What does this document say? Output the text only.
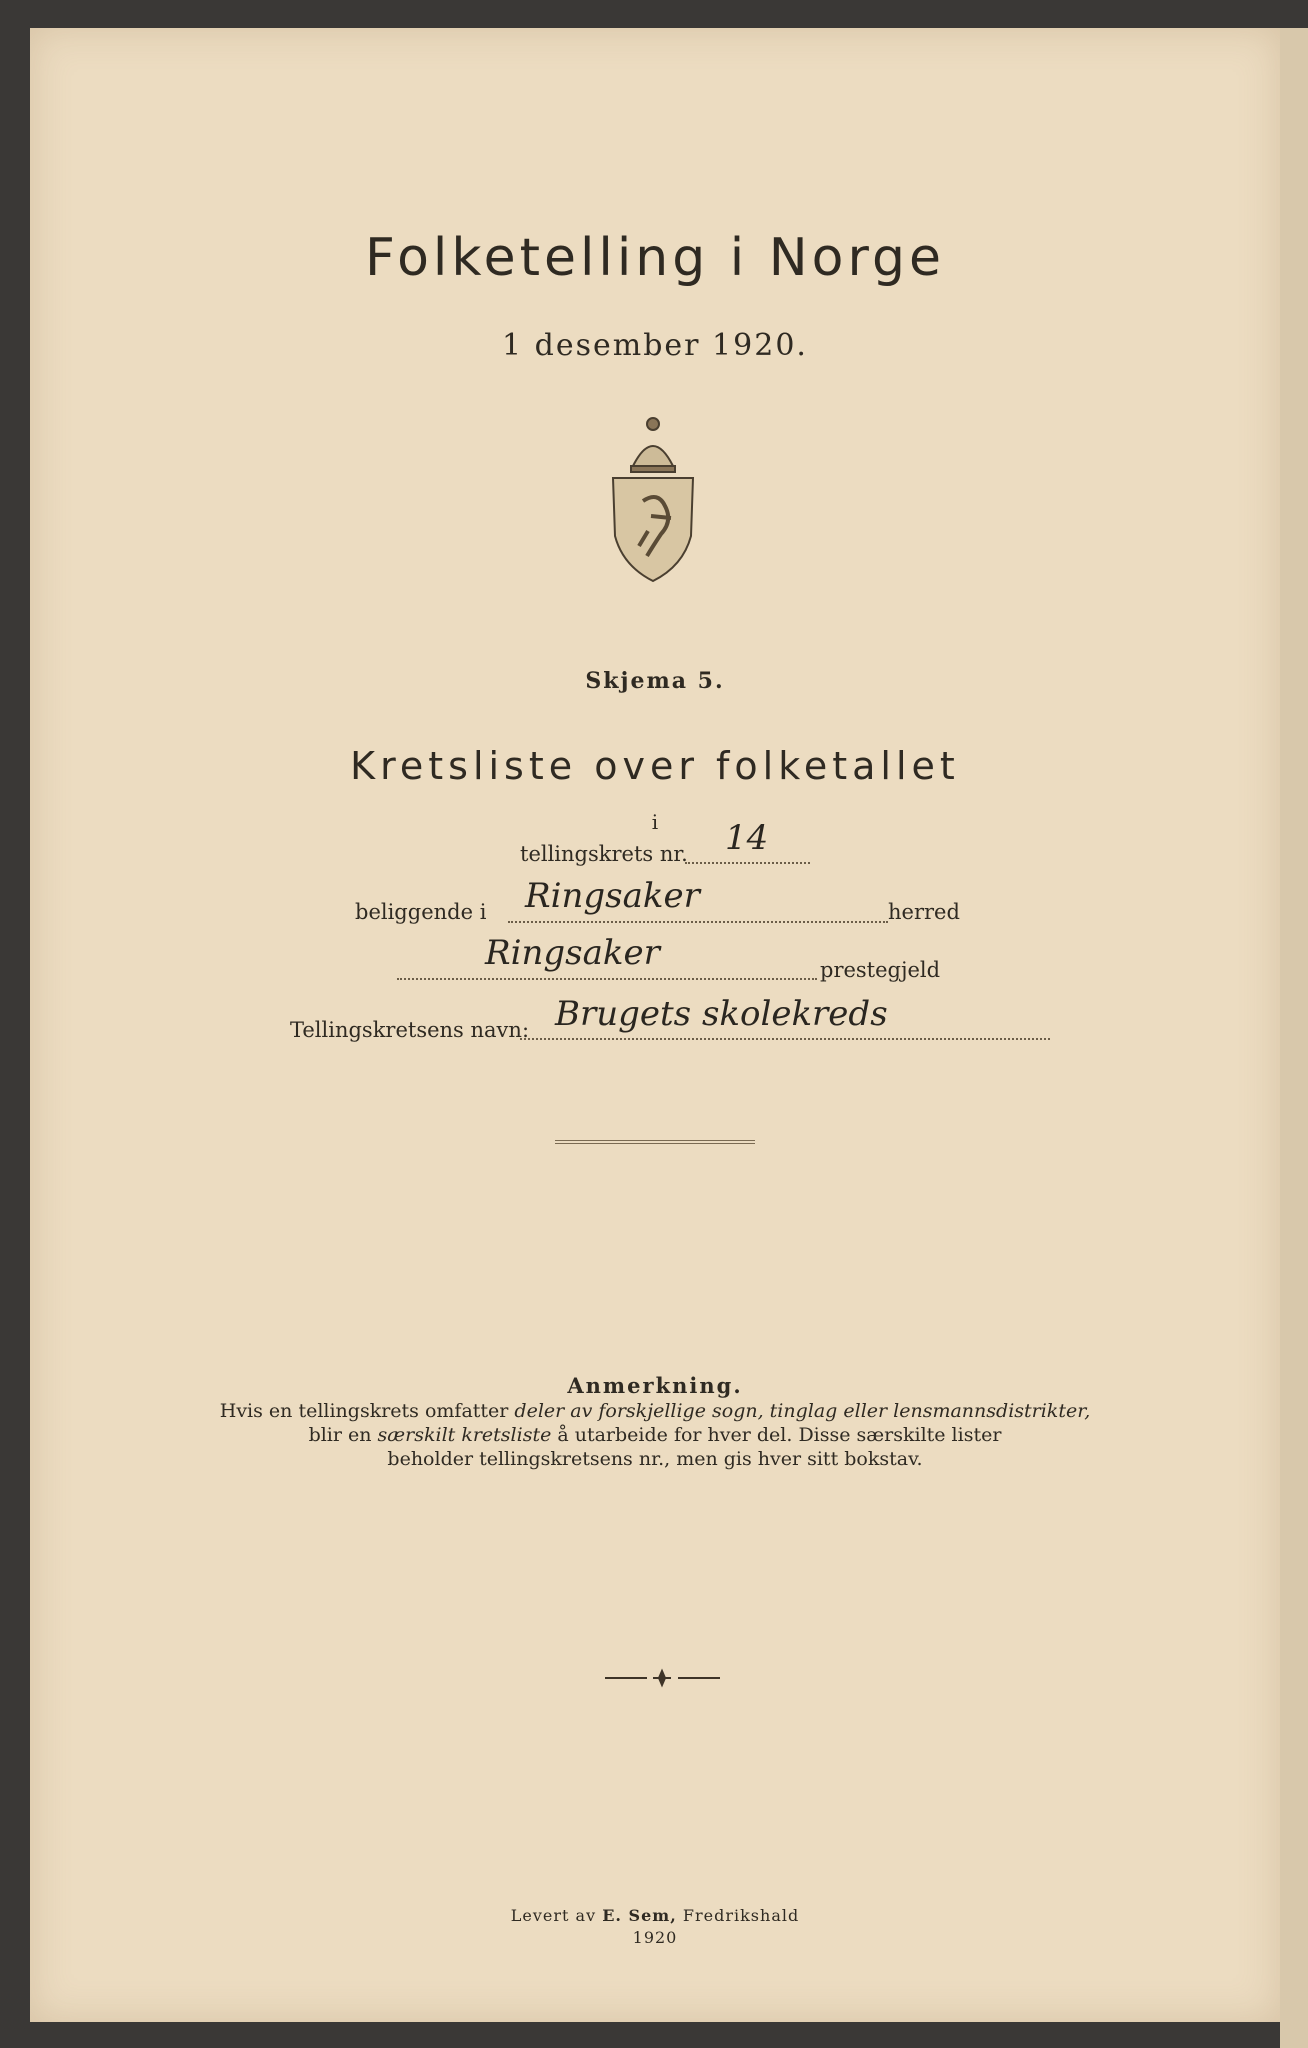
Folketelling i Norge
1 desember 1920.
Skjema 5.
Kretsliste over folketallet
i
tellingskrets nr. 14
beliggende i Ringsaker	herred
Ringsaker	prestegjeld
Tellingskretsens navn: Brugets skolekreds
Anmerkning.
Hvis en tellingskrets omfatter deler av forskjellige sogn, tinglag eller lensmannsdistrikter,
blir en særskilt kretsliste å utarbeide for hver del. Disse særskilte lister
beholder tellingskretsens nr., men gis hver sitt bokstav.
Levert av E. Sem, Fredrikshald
1920
